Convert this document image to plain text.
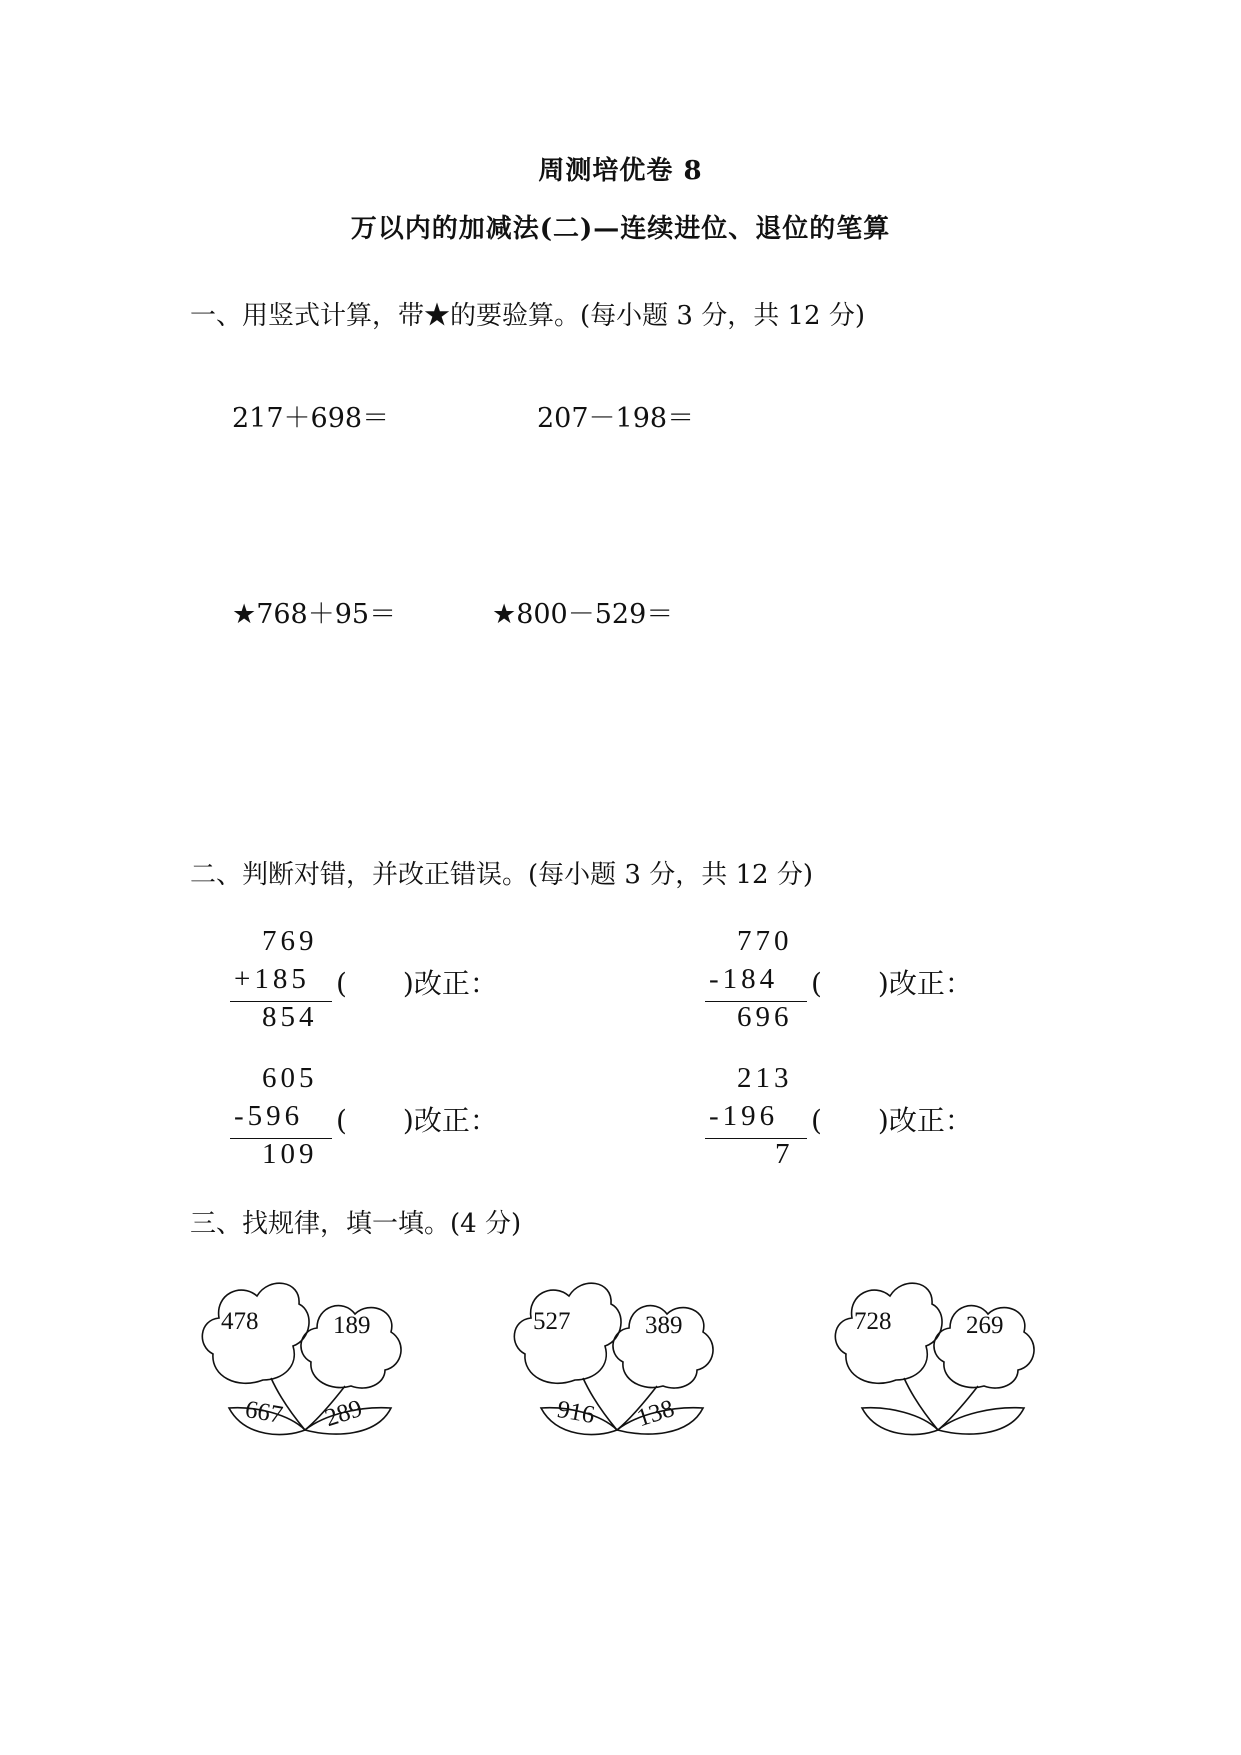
周测培优卷 8
万以内的加减法(二)—连续进位、退位的笔算
一、用竖式计算，带★的要验算。(每小题 3 分，共 12 分)
217＋698＝	207－198＝
★768＋95＝	★800－529＝
二、判断对错，并改正错误。(每小题 3 分，共 12 分)
769
+185
854
(　　)改正：
770
-184
696
(　　)改正：
605
-596
109
(　　)改正：
213
-196
7
(　　)改正：
三、找规律，填一填。(4 分)
478	189
667 289
527	389
916 138
728	269
